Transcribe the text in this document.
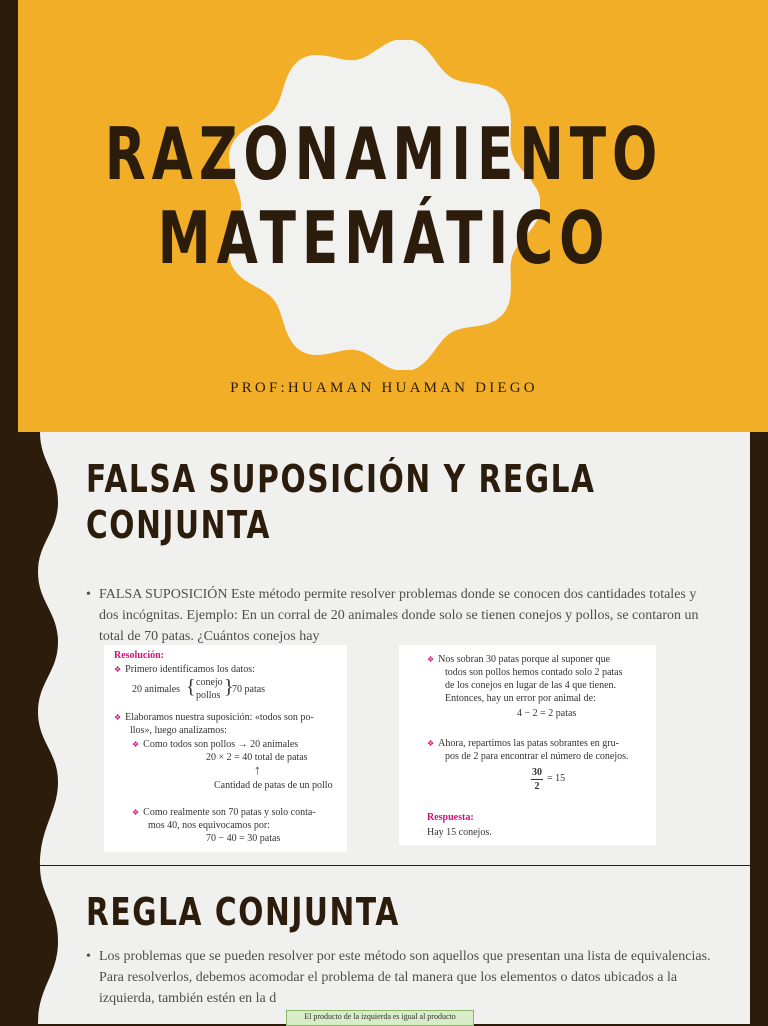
RAZONAMIENTO
MATEMÁTICO
PROF:HUAMAN HUAMAN DIEGO
FALSA SUPOSICIÓN Y REGLA
CONJUNTA
• FALSA SUPOSICIÓN Este método permite resolver problemas donde se conocen dos cantidades totales y dos incógnitas. Ejemplo: En un corral de 20 animales donde solo se tienen conejos y pollos, se contaron un total de 70 patas. ¿Cuántos conejos hay
Resolución:
❖ Primero identificamos los datos:
20 animales { conejo
pollos }
70 patas
❖ Elaboramos nuestra suposición: «todos son po-
llos», luego analizamos:
❖ Como todos son pollos → 20 animales
20 × 2 = 40 total de patas
↑
Cantidad de patas de un pollo
❖ Como realmente son 70 patas y solo conta-
mos 40, nos equivocamos por:
70 − 40 = 30 patas
❖ Nos sobran 30 patas porque al suponer que
todos son pollos hemos contado solo 2 patas
de los conejos en lugar de las 4 que tienen.
Entonces, hay un error por animal de:
4 − 2 = 2 patas
❖ Ahora, repartimos las patas sobrantes en gru-
pos de 2 para encontrar el número de conejos.
$\frac{30}{2} = 15$
Respuesta:
Hay 15 conejos.
REGLA CONJUNTA
• Los problemas que se pueden resolver por este método son aquellos que presentan una lista de equivalencias. Para resolverlos, debemos acomodar el problema de tal manera que los elementos o datos ubicados a la izquierda, también estén en la d
El producto de la izquierda es igual al producto
